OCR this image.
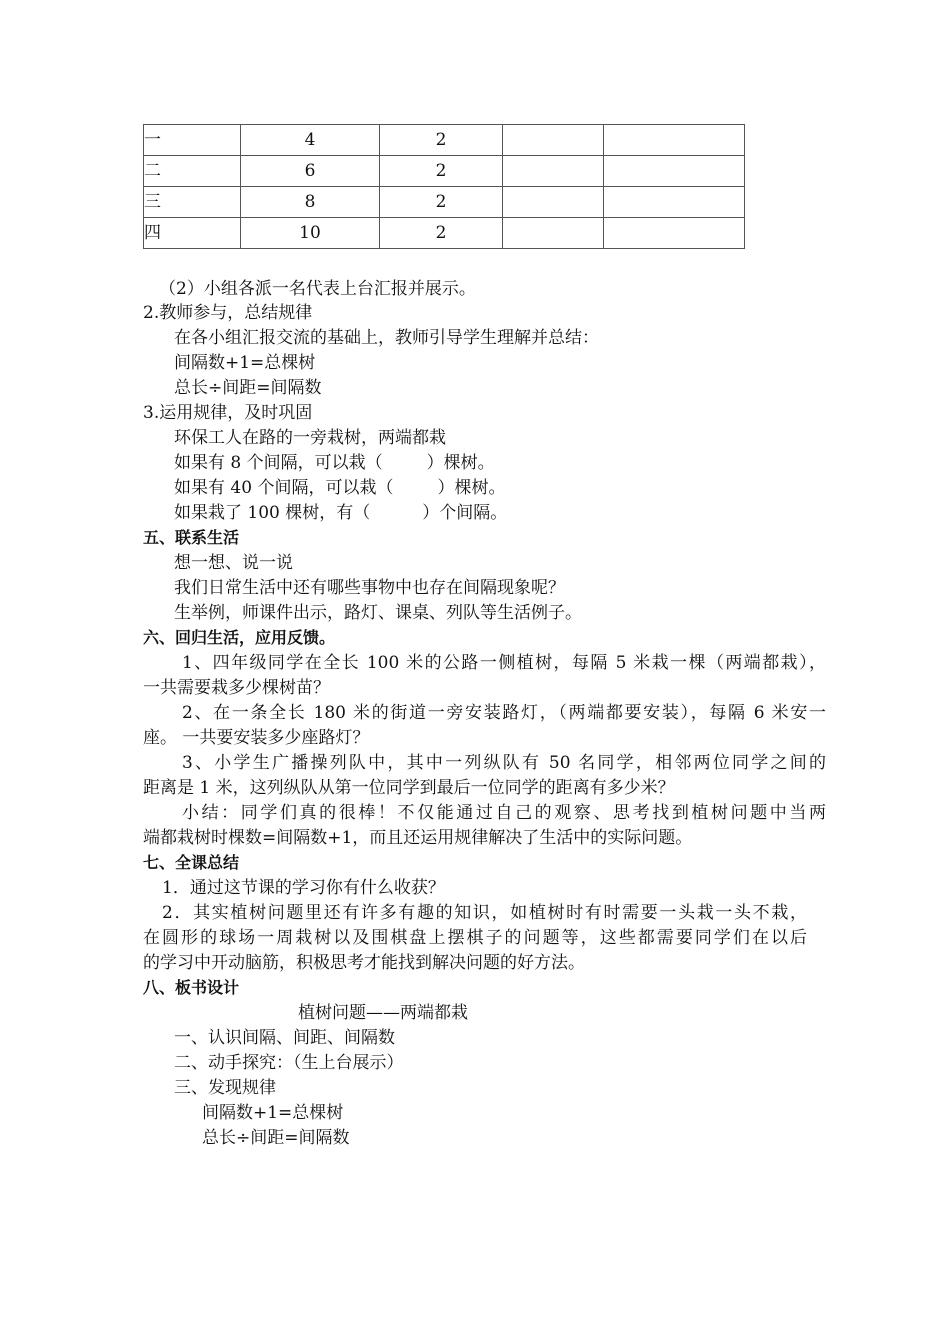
一	4	2		
二	6	2		
三	8	2		
四	10	2		
（2）小组各派一名代表上台汇报并展示。
2.教师参与，总结规律
在各小组汇报交流的基础上，教师引导学生理解并总结：
间隔数+1=总棵树
总长÷间距=间隔数
3.运用规律，及时巩固
环保工人在路的一旁栽树，两端都栽
如果有 8 个间隔，可以栽（	）棵树。
如果有 40 个间隔，可以栽（	）棵树。
如果栽了 100 棵树，有（	）个间隔。
五、联系生活
想一想、说一说
我们日常生活中还有哪些事物中也存在间隔现象呢？
生举例，师课件出示，路灯、课桌、列队等生活例子。
六、回归生活，应用反馈。
1、四年级同学在全长 100 米的公路一侧植树，每隔 5 米栽一棵（两端都栽），
一共需要栽多少棵树苗？
2、在一条全长 180 米的街道一旁安装路灯，（两端都要安装），每隔 6 米安一
座。 一共要安装多少座路灯？
3、小学生广播操列队中，其中一列纵队有 50 名同学，相邻两位同学之间的
距离是 1 米，这列纵队从第一位同学到最后一位同学的距离有多少米？
小结：同学们真的很棒！不仅能通过自己的观察、思考找到植树问题中当两
端都栽树时棵数=间隔数+1，而且还运用规律解决了生活中的实际问题。
七、全课总结
1．通过这节课的学习你有什么收获？
2．其实植树问题里还有许多有趣的知识，如植树时有时需要一头栽一头不栽，
在圆形的球场一周栽树以及围棋盘上摆棋子的问题等，这些都需要同学们在以后
的学习中开动脑筋，积极思考才能找到解决问题的好方法。
八、板书设计
植树问题——两端都栽
一、认识间隔、间距、间隔数
二、动手探究：（生上台展示）
三、发现规律
间隔数+1=总棵树
总长÷间距=间隔数
